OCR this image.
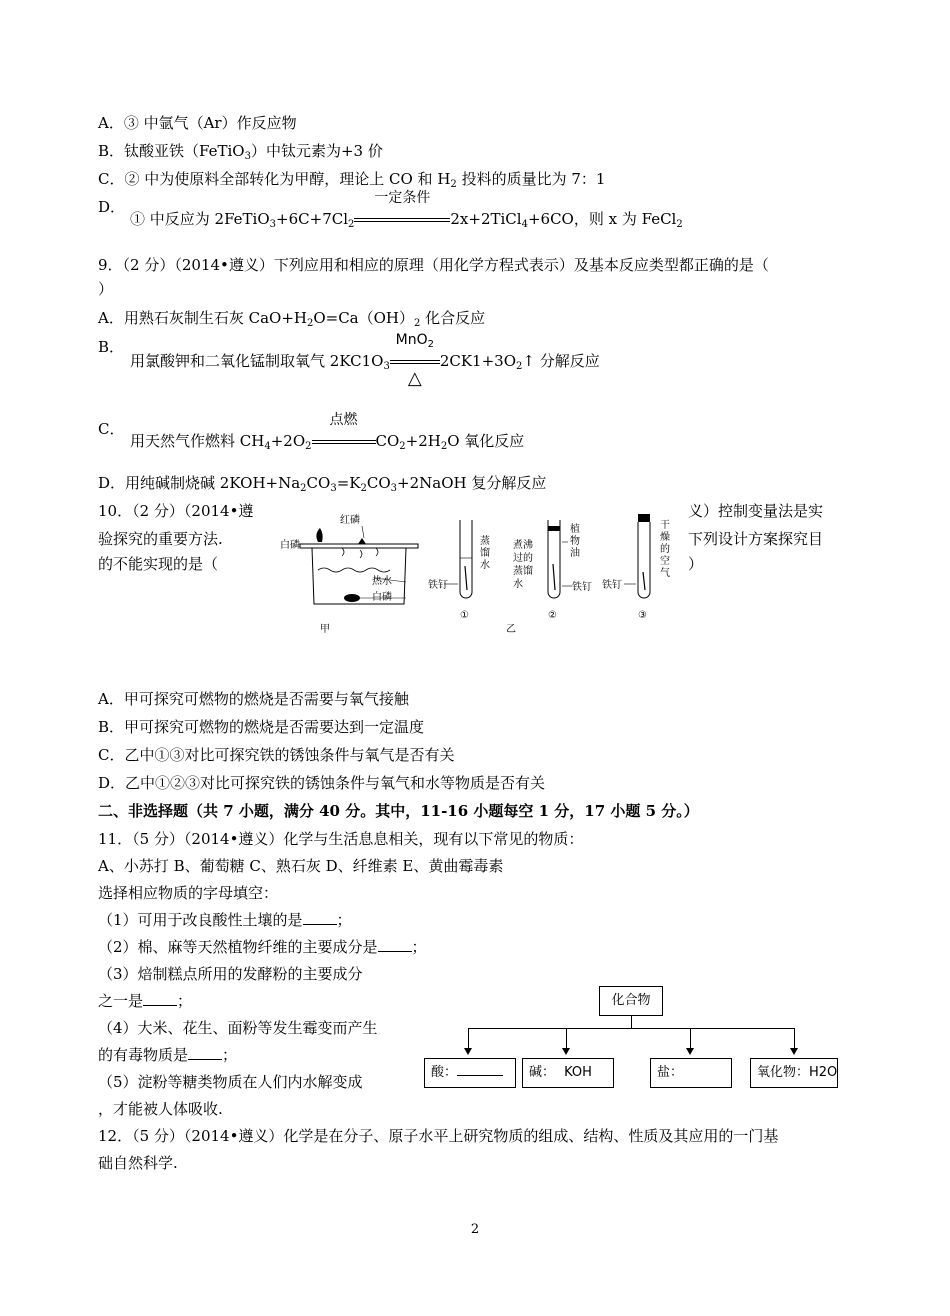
A．③ 中氩气（Ar）作反应物
B．钛酸亚铁（FeTiO$_3$）中钛元素为+3 价
C．② 中为使原料全部转化为甲醇，理论上 CO 和 $H_2$ 投料的质量比为 7：1
D．
① 中反应为 $2FeTiO_3+6C+7Cl_2$
一定条件
2x+2TiCl$_4$+6CO，则 x 为 FeCl$_2$
9．（2 分）（2014•遵义）下列应用和相应的原理（用化学方程式表示）及基本反应类型都正确的是（
）
A．用熟石灰制生石灰 $CaO+H_2O=Ca(OH)_2$ 化合反应
B．
用氯酸钾和二氧化锰制取氧气 $2KC1O_3$
MnO$_2$
△
$2CK1+3O_2↑$ 分解反应
C．
用天然气作燃料 $CH_4+2O_2$
点燃
$CO_2+2H_2O$ 氧化反应
D．用纯碱制烧碱 $2KOH+Na_2CO_3=K_2CO_3+2NaOH$ 复分解反应
10．（2 分）（2014•遵
验探究的重要方法.
的不能实现的是（
义）控制变量法是实
下列设计方案探究目
）
红磷
白磷
热水
白磷
甲
铁钉
蒸 馏 水
①
乙
煮沸 过的 蒸馏 水
植 物 油
铁钉
②
铁钉
干 燥 的 空 气
③
A．甲可探究可燃物的燃烧是否需要与氧气接触
B．甲可探究可燃物的燃烧是否需要达到一定温度
C．乙中①③对比可探究铁的锈蚀条件与氧气是否有关
D．乙中①②③对比可探究铁的锈蚀条件与氧气和水等物质是否有关
二、非选择题（共 7 小题，满分 40 分。其中，11-16 小题每空 1 分，17 小题 5 分。）
11．（5 分）（2014•遵义）化学与生活息息相关，现有以下常见的物质：
A、小苏打 B、葡萄糖 C、熟石灰 D、纤维素 E、黄曲霉毒素
选择相应物质的字母填空：
（1）可用于改良酸性土壤的是 ；
（2）棉、麻等天然植物纤维的主要成分是 ；
（3）焙制糕点所用的发酵粉的主要成分
之一是 ；
（4）大米、花生、面粉等发生霉变而产生
的有毒物质是 ；
（5）淀粉等糖类物质在人们内水解变成
，才能被人体吸收.
化合物
酸：	碱： KOH	盐：	氧化物：H2O
12．（5 分）（2014•遵义）化学是在分子、原子水平上研究物质的组成、结构、性质及其应用的一门基
础自然科学.
2
